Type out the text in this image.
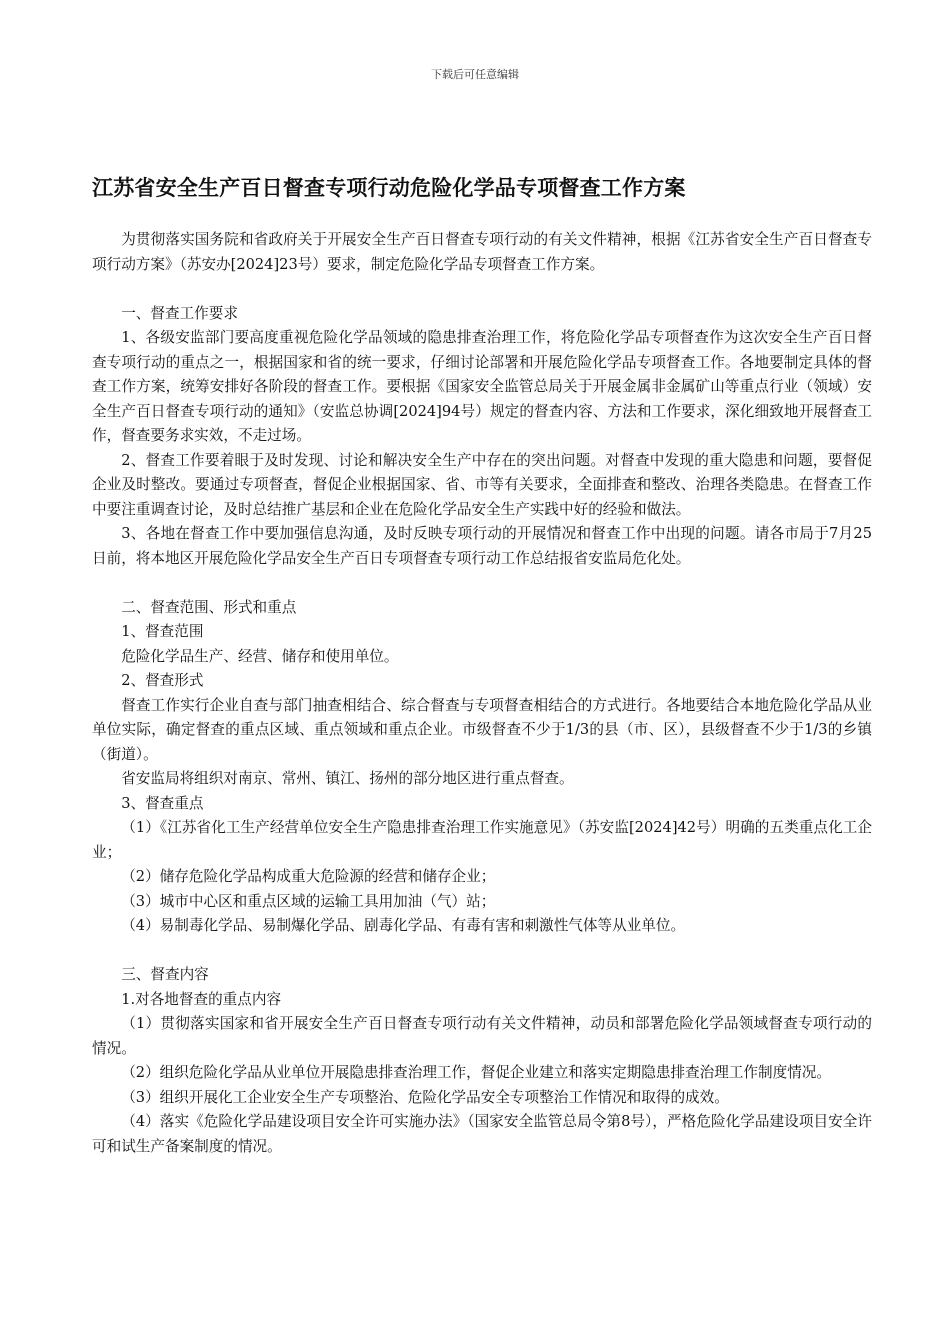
下载后可任意编辑
江苏省安全生产百日督查专项行动危险化学品专项督查工作方案

为贯彻落实国务院和省政府关于开展安全生产百日督查专项行动的有关文件精神，根据《江苏省安全生产百日督查专项行动方案》（苏安办[2024]23号）要求，制定危险化学品专项督查工作方案。

一、督查工作要求

1、各级安监部门要高度重视危险化学品领域的隐患排查治理工作，将危险化学品专项督查作为这次安全生产百日督查专项行动的重点之一，根据国家和省的统一要求，仔细讨论部署和开展危险化学品专项督查工作。各地要制定具体的督查工作方案，统筹安排好各阶段的督查工作。要根据《国家安全监管总局关于开展金属非金属矿山等重点行业（领域）安全生产百日督查专项行动的通知》（安监总协调[2024]94号）规定的督查内容、方法和工作要求，深化细致地开展督查工作，督查要务求实效，不走过场。

2、督查工作要着眼于及时发现、讨论和解决安全生产中存在的突出问题。对督查中发现的重大隐患和问题，要督促企业及时整改。要通过专项督查，督促企业根据国家、省、市等有关要求，全面排查和整改、治理各类隐患。在督查工作中要注重调查讨论，及时总结推广基层和企业在危险化学品安全生产实践中好的经验和做法。

3、各地在督查工作中要加强信息沟通，及时反映专项行动的开展情况和督查工作中出现的问题。请各市局于7月25日前，将本地区开展危险化学品安全生产百日专项督查专项行动工作总结报省安监局危化处。

二、督查范围、形式和重点

1、督查范围

危险化学品生产、经营、储存和使用单位。

2、督查形式

督查工作实行企业自查与部门抽查相结合、综合督查与专项督查相结合的方式进行。各地要结合本地危险化学品从业单位实际，确定督查的重点区域、重点领域和重点企业。市级督查不少于1/3的县（市、区），县级督查不少于1/3的乡镇（街道）。

省安监局将组织对南京、常州、镇江、扬州的部分地区进行重点督查。

3、督查重点

（1）《江苏省化工生产经营单位安全生产隐患排查治理工作实施意见》（苏安监[2024]42号）明确的五类重点化工企业；

（2）储存危险化学品构成重大危险源的经营和储存企业；

（3）城市中心区和重点区域的运输工具用加油（气）站；

（4）易制毒化学品、易制爆化学品、剧毒化学品、有毒有害和刺激性气体等从业单位。

三、督查内容

1.对各地督查的重点内容

（1）贯彻落实国家和省开展安全生产百日督查专项行动有关文件精神，动员和部署危险化学品领域督查专项行动的情况。

（2）组织危险化学品从业单位开展隐患排查治理工作，督促企业建立和落实定期隐患排查治理工作制度情况。

（3）组织开展化工企业安全生产专项整治、危险化学品安全专项整治工作情况和取得的成效。

（4）落实《危险化学品建设项目安全许可实施办法》（国家安全监管总局令第8号），严格危险化学品建设项目安全许可和试生产备案制度的情况。
